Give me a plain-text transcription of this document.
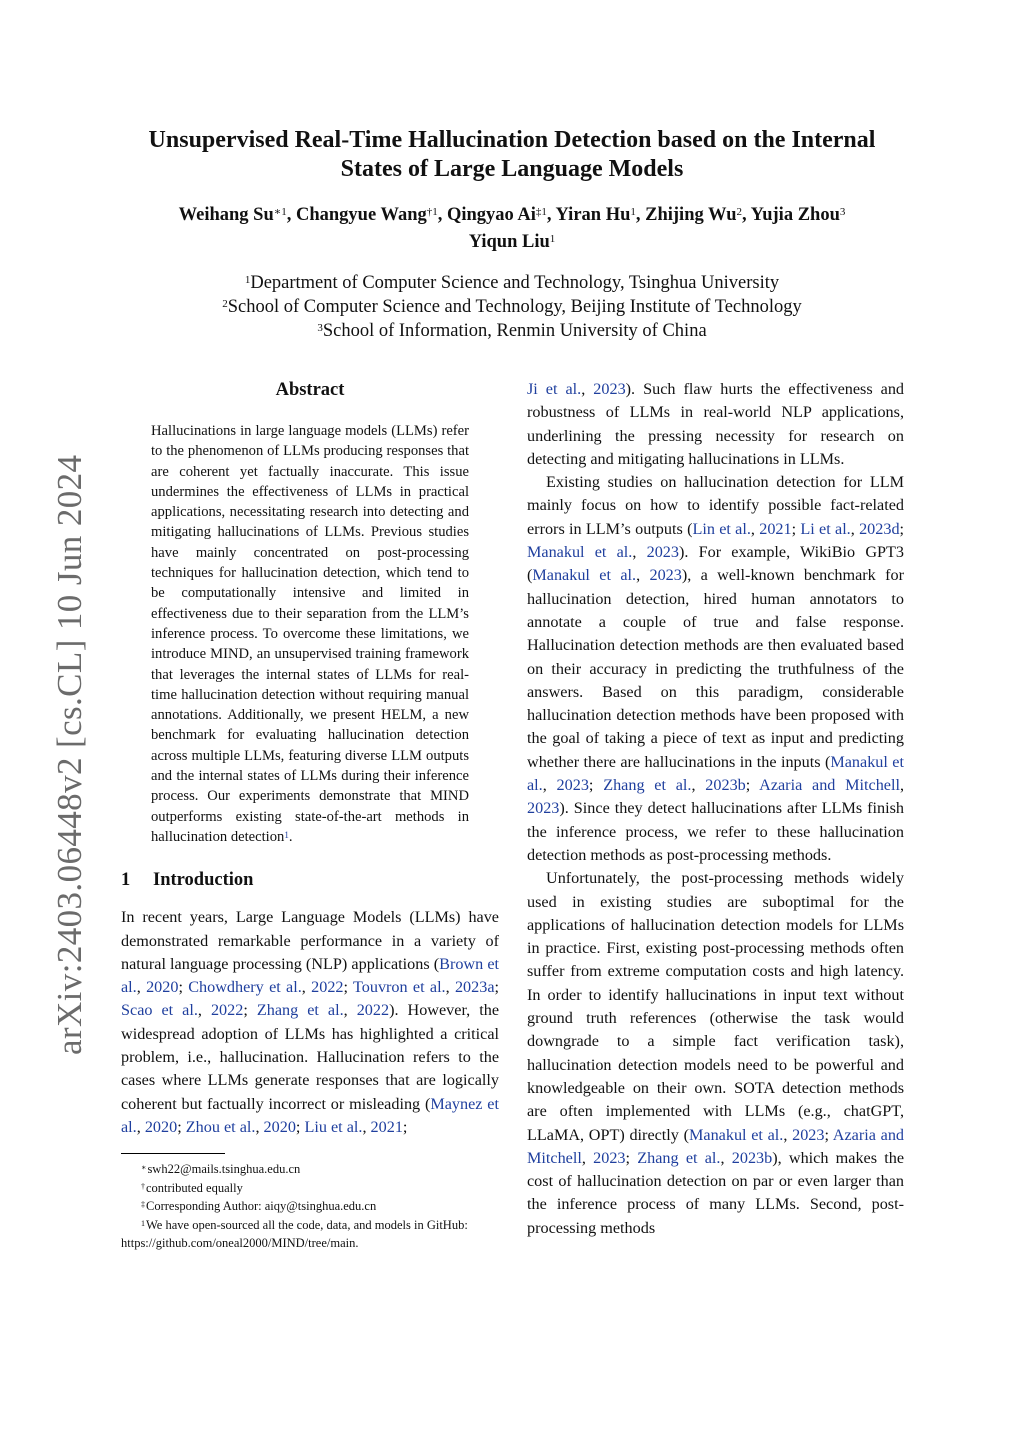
arXiv:2403.06448v2 [cs.CL] 10 Jun 2024
Unsupervised Real-Time Hallucination Detection based on the Internal
States of Large Language Models
Weihang $Su^{∗1}$, Changyue Wang$^{\dagger 1}$, Qingyao Ai$^{\ddagger 1}$, Yiran Hu$^1$, Zhijing Wu$^2$, Yujia Zhou$^3$
Yiqun Liu$^1$
$^1$Department of Computer Science and Technology, Tsinghua University
$^2$School of Computer Science and Technology, Beijing Institute of Technology
$^3$School of Information, Renmin University of China
Abstract

Hallucinations in large language models (LLMs) refer to the phenomenon of LLMs producing responses that are coherent yet factually inaccurate. This issue undermines the effectiveness of LLMs in practical applications, necessitating research into detecting and mitigating hallucinations of LLMs. Previous studies have mainly concentrated on post-processing techniques for hallucination detection, which tend to be computationally intensive and limited in effectiveness due to their separation from the LLM’s inference process. To overcome these limitations, we introduce MIND, an unsupervised training framework that leverages the internal states of LLMs for real-time hallucination detection without requiring manual annotations. Additionally, we present HELM, a new benchmark for evaluating hallucination detection across multiple LLMs, featuring diverse LLM outputs and the internal states of LLMs during their inference process. Our experiments demonstrate that MIND outperforms existing state-of-the-art methods in hallucination detection$^1$.

1 Introduction

In recent years, Large Language Models (LLMs) have demonstrated remarkable performance in a variety of natural language processing (NLP) applications (Brown et al., 2020; Chowdhery et al., 2022; Touvron et al., 2023a; Scao et al., 2022; Zhang et al., 2022). However, the widespread adoption of LLMs has highlighted a critical problem, i.e., hallucination. Hallucination refers to the cases where LLMs generate responses that are logically coherent but factually incorrect or misleading (Maynez et al., 2020; Zhou et al., 2020; Liu et al., 2021;

∗swh22@mails.tsinghua.edu.cn

†contributed equally

‡Corresponding Author: aiqy@tsinghua.edu.cn

$^1$We have open-sourced all the code, data, and models in GitHub: https://github.com/oneal2000/MIND/tree/main.

Ji et al., 2023). Such flaw hurts the effectiveness and robustness of LLMs in real-world NLP applications, underlining the pressing necessity for research on detecting and mitigating hallucinations in LLMs.

Existing studies on hallucination detection for LLM mainly focus on how to identify possible fact-related errors in LLM’s outputs (Lin et al., 2021; Li et al., 2023d; Manakul et al., 2023). For example, WikiBio GPT3 (Manakul et al., 2023), a well-known benchmark for hallucination detection, hired human annotators to annotate a couple of true and false response. Hallucination detection methods are then evaluated based on their accuracy in predicting the truthfulness of the answers. Based on this paradigm, considerable hallucination detection methods have been proposed with the goal of taking a piece of text as input and predicting whether there are hallucinations in the inputs (Manakul et al., 2023; Zhang et al., 2023b; Azaria and Mitchell, 2023). Since they detect hallucinations after LLMs finish the inference process, we refer to these hallucination detection methods as post-processing methods.

Unfortunately, the post-processing methods widely used in existing studies are suboptimal for the applications of hallucination detection models for LLMs in practice. First, existing post-processing methods often suffer from extreme computation costs and high latency. In order to identify hallucinations in input text without ground truth references (otherwise the task would downgrade to a simple fact verification task), hallucination detection models need to be powerful and knowledgeable on their own. SOTA detection methods are often implemented with LLMs (e.g., chatGPT, LLaMA, OPT) directly (Manakul et al., 2023; Azaria and Mitchell, 2023; Zhang et al., 2023b), which makes the cost of hallucination detection on par or even larger than the inference process of many LLMs. Second, post-processing methods
